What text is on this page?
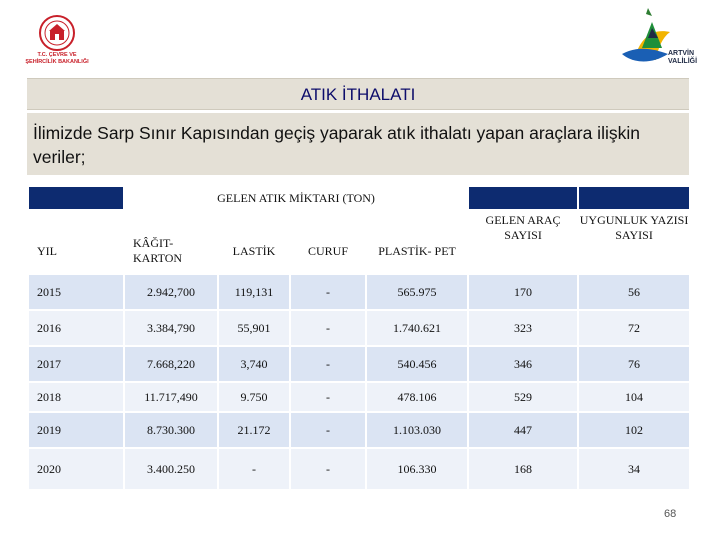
T.C. ÇEVRE VE
ŞEHİRCİLİK BAKANLIĞI
ARTVİN
VALİLİĞİ
ATIK İTHALATI
İlimizde Sarp Sınır Kapısından geçiş yaparak atık ithalatı yapan araçlara ilişkin veriler;
	GELEN ATIK MİKTARI (TON)					
YIL	KÂĞIT-KARTON	LASTİK	CURUF	PLASTİK- PET	GELEN ARAÇ SAYISI	UYGUNLUK YAZISI SAYISI
2015	2.942,700	119,131	-	565.975	170	56
2016	3.384,790	55,901	-	1.740.621	323	72
2017	7.668,220	3,740	-	540.456	346	76
2018	11.717,490	9.750	-	478.106	529	104
2019	8.730.300	21.172	-	1.103.030	447	102
2020	3.400.250	-	-	106.330	168	34
68
